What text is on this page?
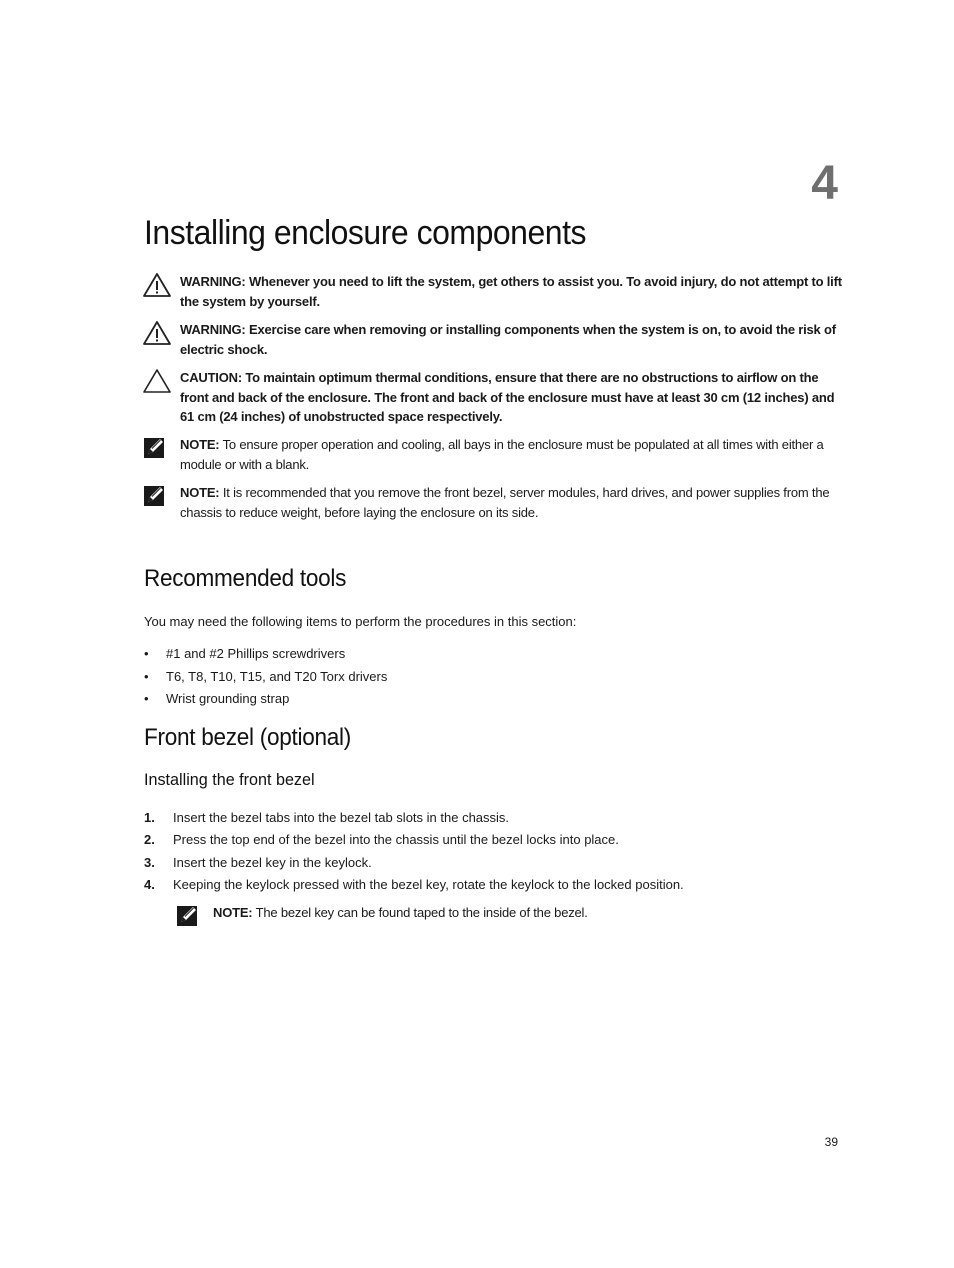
4
Installing enclosure components
WARNING: Whenever you need to lift the system, get others to assist you. To avoid injury, do not attempt to lift the system by yourself.
WARNING: Exercise care when removing or installing components when the system is on, to avoid the risk of electric shock.
CAUTION: To maintain optimum thermal conditions, ensure that there are no obstructions to airflow on the front and back of the enclosure. The front and back of the enclosure must have at least 30 cm (12 inches) and 61 cm (24 inches) of unobstructed space respectively.
NOTE: To ensure proper operation and cooling, all bays in the enclosure must be populated at all times with either a module or with a blank.
NOTE: It is recommended that you remove the front bezel, server modules, hard drives, and power supplies from the chassis to reduce weight, before laying the enclosure on its side.
Recommended tools

You may need the following items to perform the procedures in this section:

•	#1 and #2 Phillips screwdrivers
•	T6, T8, T10, T15, and T20 Torx drivers
•	Wrist grounding strap
Front bezel (optional)
Installing the front bezel
1.	Insert the bezel tabs into the bezel tab slots in the chassis.
2.	Press the top end of the bezel into the chassis until the bezel locks into place.
3.	Insert the bezel key in the keylock.
4.	Keeping the keylock pressed with the bezel key, rotate the keylock to the locked position.
NOTE: The bezel key can be found taped to the inside of the bezel.
39
